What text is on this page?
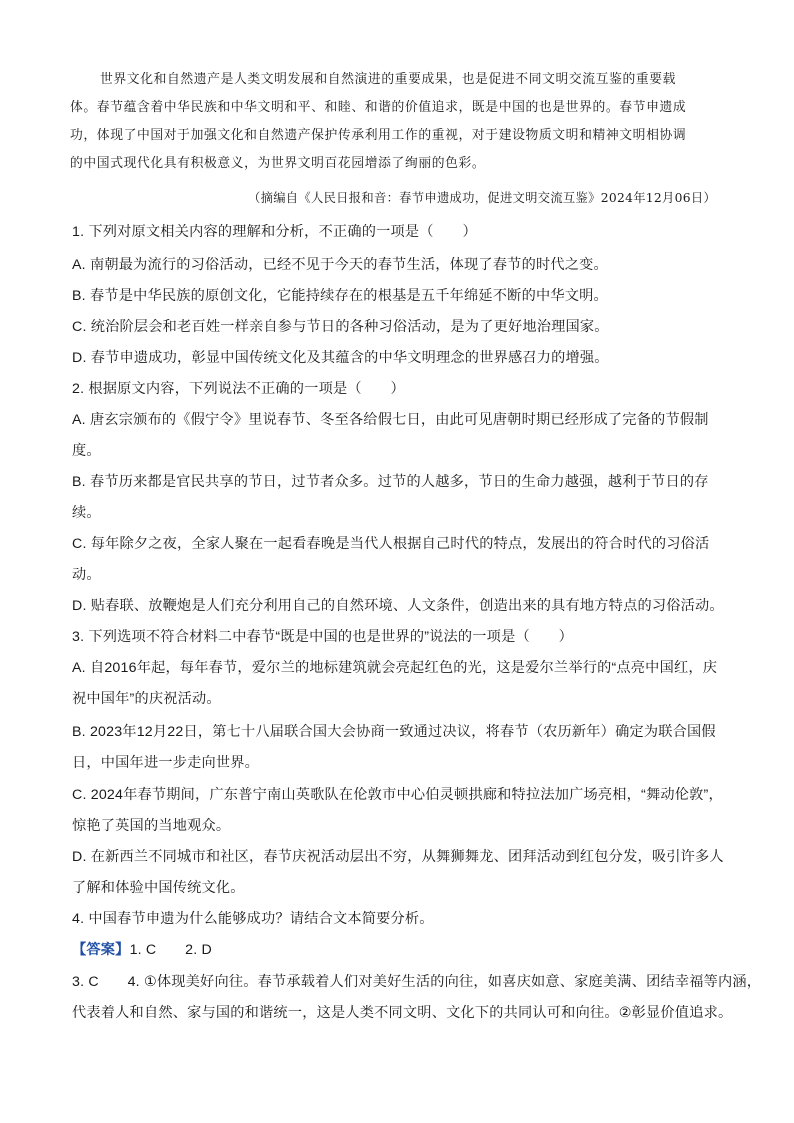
世界文化和自然遗产是人类文明发展和自然演进的重要成果，也是促进不同文明交流互鉴的重要载
体。春节蕴含着中华民族和中华文明和平、和睦、和谐的价值追求，既是中国的也是世界的。春节申遗成
功，体现了中国对于加强文化和自然遗产保护传承利用工作的重视，对于建设物质文明和精神文明相协调
的中国式现代化具有积极意义，为世界文明百花园增添了绚丽的色彩。
（摘编自《人民日报和音：春节申遗成功，促进文明交流互鉴》2024年12月06日）
1. 下列对原文相关内容的理解和分析，不正确的一项是（　　）
A. 南朝最为流行的习俗活动，已经不见于今天的春节生活，体现了春节的时代之变。
B. 春节是中华民族的原创文化，它能持续存在的根基是五千年绵延不断的中华文明。
C. 统治阶层会和老百姓一样亲自参与节日的各种习俗活动，是为了更好地治理国家。
D. 春节申遗成功，彰显中国传统文化及其蕴含的中华文明理念的世界感召力的增强。
2. 根据原文内容，下列说法不正确的一项是（　　）
A. 唐玄宗颁布的《假宁令》里说春节、冬至各给假七日，由此可见唐朝时期已经形成了完备的节假制
度。
B. 春节历来都是官民共享的节日，过节者众多。过节的人越多，节日的生命力越强，越利于节日的存
续。
C. 每年除夕之夜，全家人聚在一起看春晚是当代人根据自己时代的特点，发展出的符合时代的习俗活
动。
D. 贴春联、放鞭炮是人们充分利用自己的自然环境、人文条件，创造出来的具有地方特点的习俗活动。
3. 下列选项不符合材料二中春节“既是中国的也是世界的”说法的一项是（　　）
A. 自2016年起，每年春节，爱尔兰的地标建筑就会亮起红色的光，这是爱尔兰举行的“点亮中国红，庆
祝中国年”的庆祝活动。
B. 2023年12月22日，第七十八届联合国大会协商一致通过决议，将春节（农历新年）确定为联合国假
日，中国年进一步走向世界。
C. 2024年春节期间，广东普宁南山英歌队在伦敦市中心伯灵顿拱廊和特拉法加广场亮相，“舞动伦敦”，
惊艳了英国的当地观众。
D. 在新西兰不同城市和社区，春节庆祝活动层出不穷，从舞狮舞龙、团拜活动到红包分发，吸引许多人
了解和体验中国传统文化。
4. 中国春节申遗为什么能够成功？请结合文本简要分析。
【答案】1. C　　2. D
3. C　　4. ①体现美好向往。春节承载着人们对美好生活的向往，如喜庆如意、家庭美满、团结幸福等内涵，
代表着人和自然、家与国的和谐统一，这是人类不同文明、文化下的共同认可和向往。②彰显价值追求。
